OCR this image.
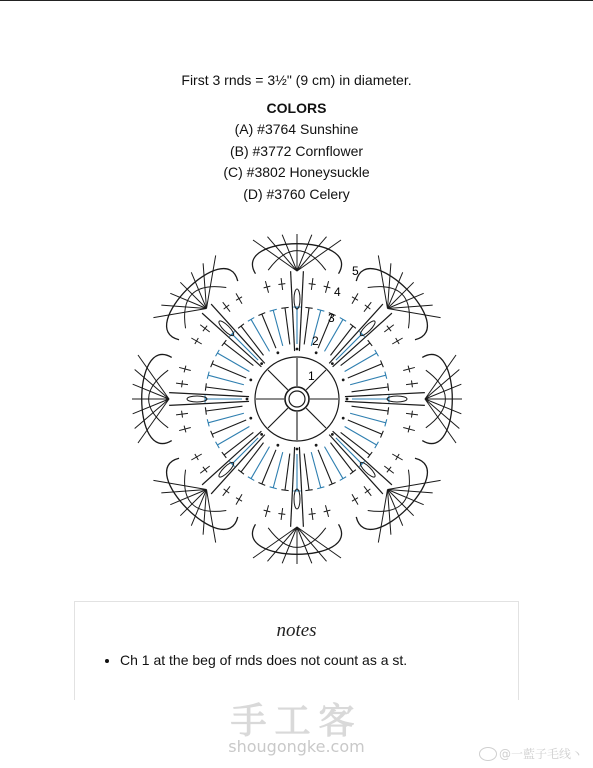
First 3 rnds = 3½" (9 cm) in diameter.
COLORS
(A) #3764 Sunshine
(B) #3772 Cornflower
(C) #3802 Honeysuckle
(D) #3760 Celery
1
2
3
4
5
notes
• Ch 1 at the beg of rnds does not count as a st.
手工客
shougongke.com	@一藍子毛线丶
